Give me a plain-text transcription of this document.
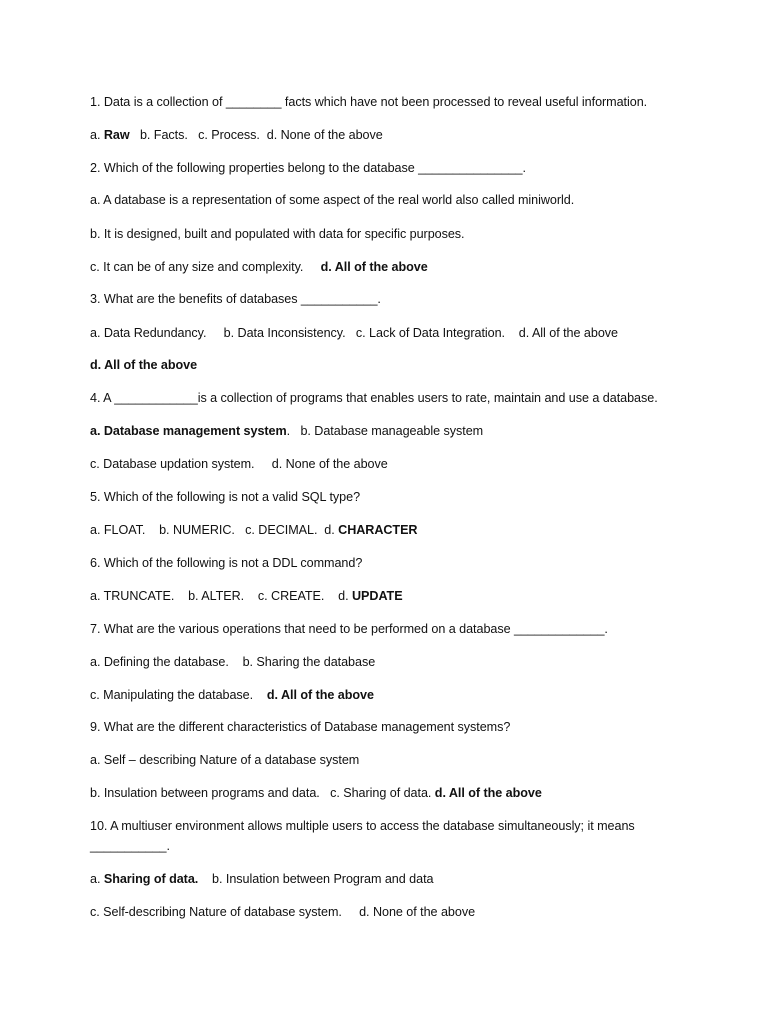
1. Data is a collection of ________ facts which have not been processed to reveal useful information.
a. Raw   b. Facts.   c. Process.  d. None of the above
2. Which of the following properties belong to the database _______________.
a. A database is a representation of some aspect of the real world also called miniworld.
b. It is designed, built and populated with data for specific purposes.
c. It can be of any size and complexity.     d. All of the above
3. What are the benefits of databases ___________.
a. Data Redundancy.     b. Data Inconsistency.   c. Lack of Data Integration.    d. All of the above
d. All of the above
4. A ____________is a collection of programs that enables users to rate, maintain and use a database.
a. Database management system.   b. Database manageable system
c. Database updation system.     d. None of the above
5. Which of the following is not a valid SQL type?
a. FLOAT.    b. NUMERIC.   c. DECIMAL.  d. CHARACTER
6. Which of the following is not a DDL command?
a. TRUNCATE.    b. ALTER.    c. CREATE.    d. UPDATE
7. What are the various operations that need to be performed on a database _____________.
a. Defining the database.    b. Sharing the database
c. Manipulating the database.    d. All of the above
9. What are the different characteristics of Database management systems?
a. Self – describing Nature of a database system
b. Insulation between programs and data.   c. Sharing of data. d. All of the above
10. A multiuser environment allows multiple users to access the database simultaneously; it means
___________.
a. Sharing of data.    b. Insulation between Program and data
c. Self-describing Nature of database system.     d. None of the above
